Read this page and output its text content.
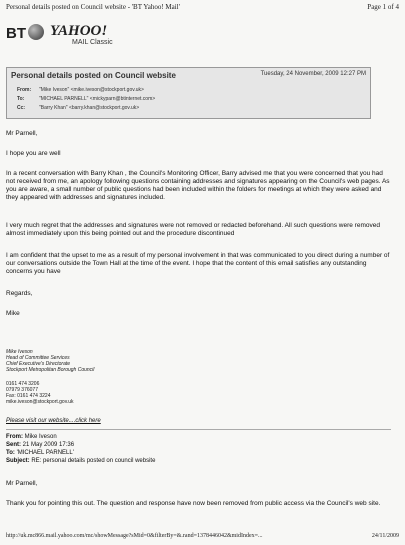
Personal details posted on Council website - 'BT Yahoo! Mail'	Page 1 of 4
BT YAHOO!
MAIL Classic
Personal details posted on Council website	Tuesday, 24 November, 2009 12:27 PM
From: "Mike Iveson" <mike.iveson@stockport.gov.uk>
To:	"MICHAEL PARNELL" <mickyparn@btinternet.com>
Cc:	"Barry Khan" <barry.khan@stockport.gov.uk>
Mr Parnell,
I hope you are well
In a recent conversation with Barry Khan , the Council's Monitoring Officer, Barry advised me that you were concerned that you had not received from me, an apology following questions containing addresses and signatures appearing on the Council's web pages. As you are aware, a small number of public questions had been included within the folders for meetings at which they were asked and they appeared with addresses and signatures included.
I very much regret that the addresses and signatures were not removed or redacted beforehand. All such questions were removed almost immediately upon this being pointed out and the procedure discontinued
I am confident that the upset to me as a result of my personal involvement in that was communicated to you direct during a number of our conversations outside the Town Hall at the time of the event. I hope that the content of this email satisfies any outstanding concerns you have
Regards,
Mike
Mike Iveson
Head of Committee Services
Chief Executive's Directorate
Stockport Metropolitan Borough Council
0161 474 3206
07979 376077
Fax: 0161 474 3224
mike.iveson@stockport.gov.uk
Please visit our website....click here
From: Mike Iveson
Sent: 21 May 2009 17:36
To: 'MICHAEL PARNELL'
Subject: RE: personal details posted on council website
Mr Parnell,
Thank you for pointing this out. The question and response have now been removed from public access via the Council's web site.
http://uk.mc866.mail.yahoo.com/mc/showMessage?sMid=0&filterBy=&.rand=1378446042&midIndex=...	24/11/2009
